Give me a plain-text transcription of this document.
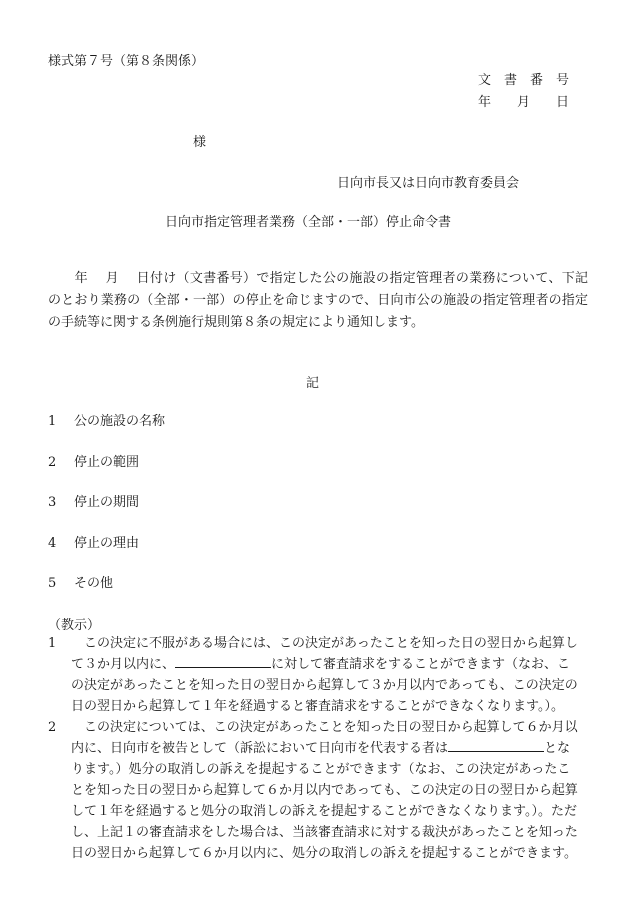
様式第７号（第８条関係）
文　書　番　号
年　　月　　日
様
日向市長又は日向市教育委員会
日向市指定管理者業務（全部・一部）停止命令書
　　年　 月　 日付け（文書番号）で指定した公の施設の指定管理者の業務について、下記のとおり業務の（全部・一部）の停止を命じますので、日向市公の施設の指定管理者の指定の手続等に関する条例施行規則第８条の規定により通知します。
記
1 公の施設の名称
2 停止の範囲
3 停止の期間
4 停止の理由
5 その他
（教示）
1 　この決定に不服がある場合には、この決定があったことを知った日の翌日から起算して３か月以内に、	に対して審査請求をすることができます（なお、この決定があったことを知った日の翌日から起算して３か月以内であっても、この決定の日の翌日から起算して１年を経過すると審査請求をすることができなくなります。）。
2 　この決定については、この決定があったことを知った日の翌日から起算して６か月以内に、日向市を被告として（訴訟において日向市を代表する者は	となります。）処分の取消しの訴えを提起することができます（なお、この決定があったことを知った日の翌日から起算して６か月以内であっても、この決定の日の翌日から起算して１年を経過すると処分の取消しの訴えを提起することができなくなります。）。ただし、上記１の審査請求をした場合は、当該審査請求に対する裁決があったことを知った日の翌日から起算して６か月以内に、処分の取消しの訴えを提起することができます。
